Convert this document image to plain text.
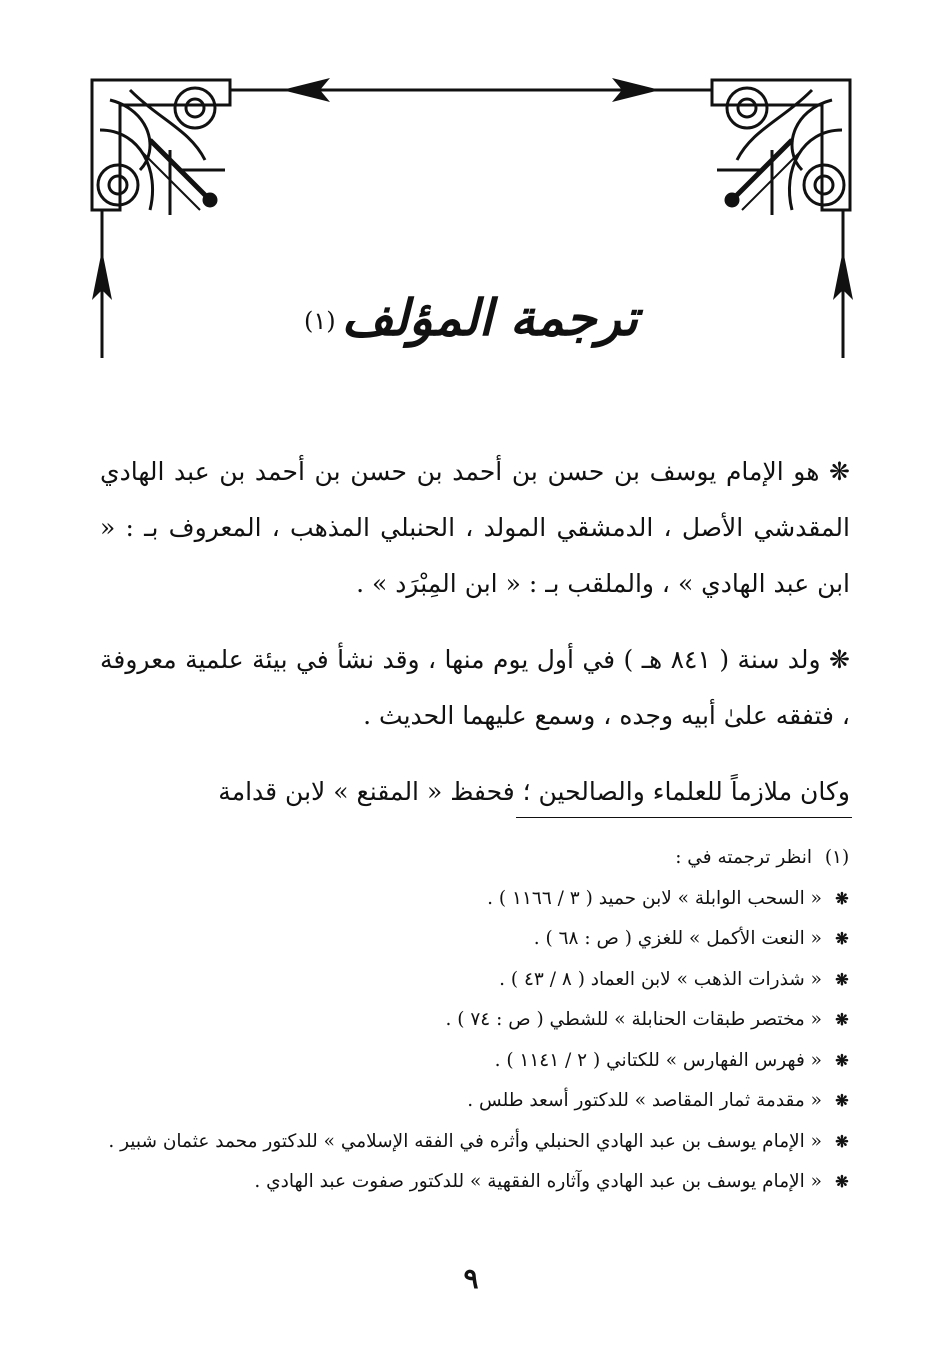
ترجمة المؤلف(١)

❋ هو الإمام يوسف بن حسن بن أحمد بن حسن بن أحمد بن عبد الهادي المقدشي الأصل ، الدمشقي المولد ، الحنبلي المذهب ، المعروف بـ : « ابن عبد الهادي » ، والملقب بـ : « ابن المِبْرَد » .

❋ ولد سنة ( ٨٤١ هـ ) في أول يوم منها ، وقد نشأ في بيئة علمية معروفة ، فتفقه علىٰ أبيه وجده ، وسمع عليهما الحديث .

وكان ملازماً للعلماء والصالحين ؛ فحفظ « المقنع » لابن قدامة

(١)
انظر ترجمته في :
❋
« السحب الوابلة » لابن حميد ( ٣ / ١١٦٦ ) .
❋
« النعت الأكمل » للغزي ( ص : ٦٨ ) .
❋
« شذرات الذهب » لابن العماد ( ٨ / ٤٣ ) .
❋
« مختصر طبقات الحنابلة » للشطي ( ص : ٧٤ ) .
❋
« فهرس الفهارس » للكتاني ( ٢ / ١١٤١ ) .
❋
« مقدمة ثمار المقاصد » للدكتور أسعد طلس .
❋
« الإمام يوسف بن عبد الهادي الحنبلي وأثره في الفقه الإسلامي » للدكتور محمد عثمان شبير .
❋
« الإمام يوسف بن عبد الهادي وآثاره الفقهية » للدكتور صفوت عبد الهادي .
٩
